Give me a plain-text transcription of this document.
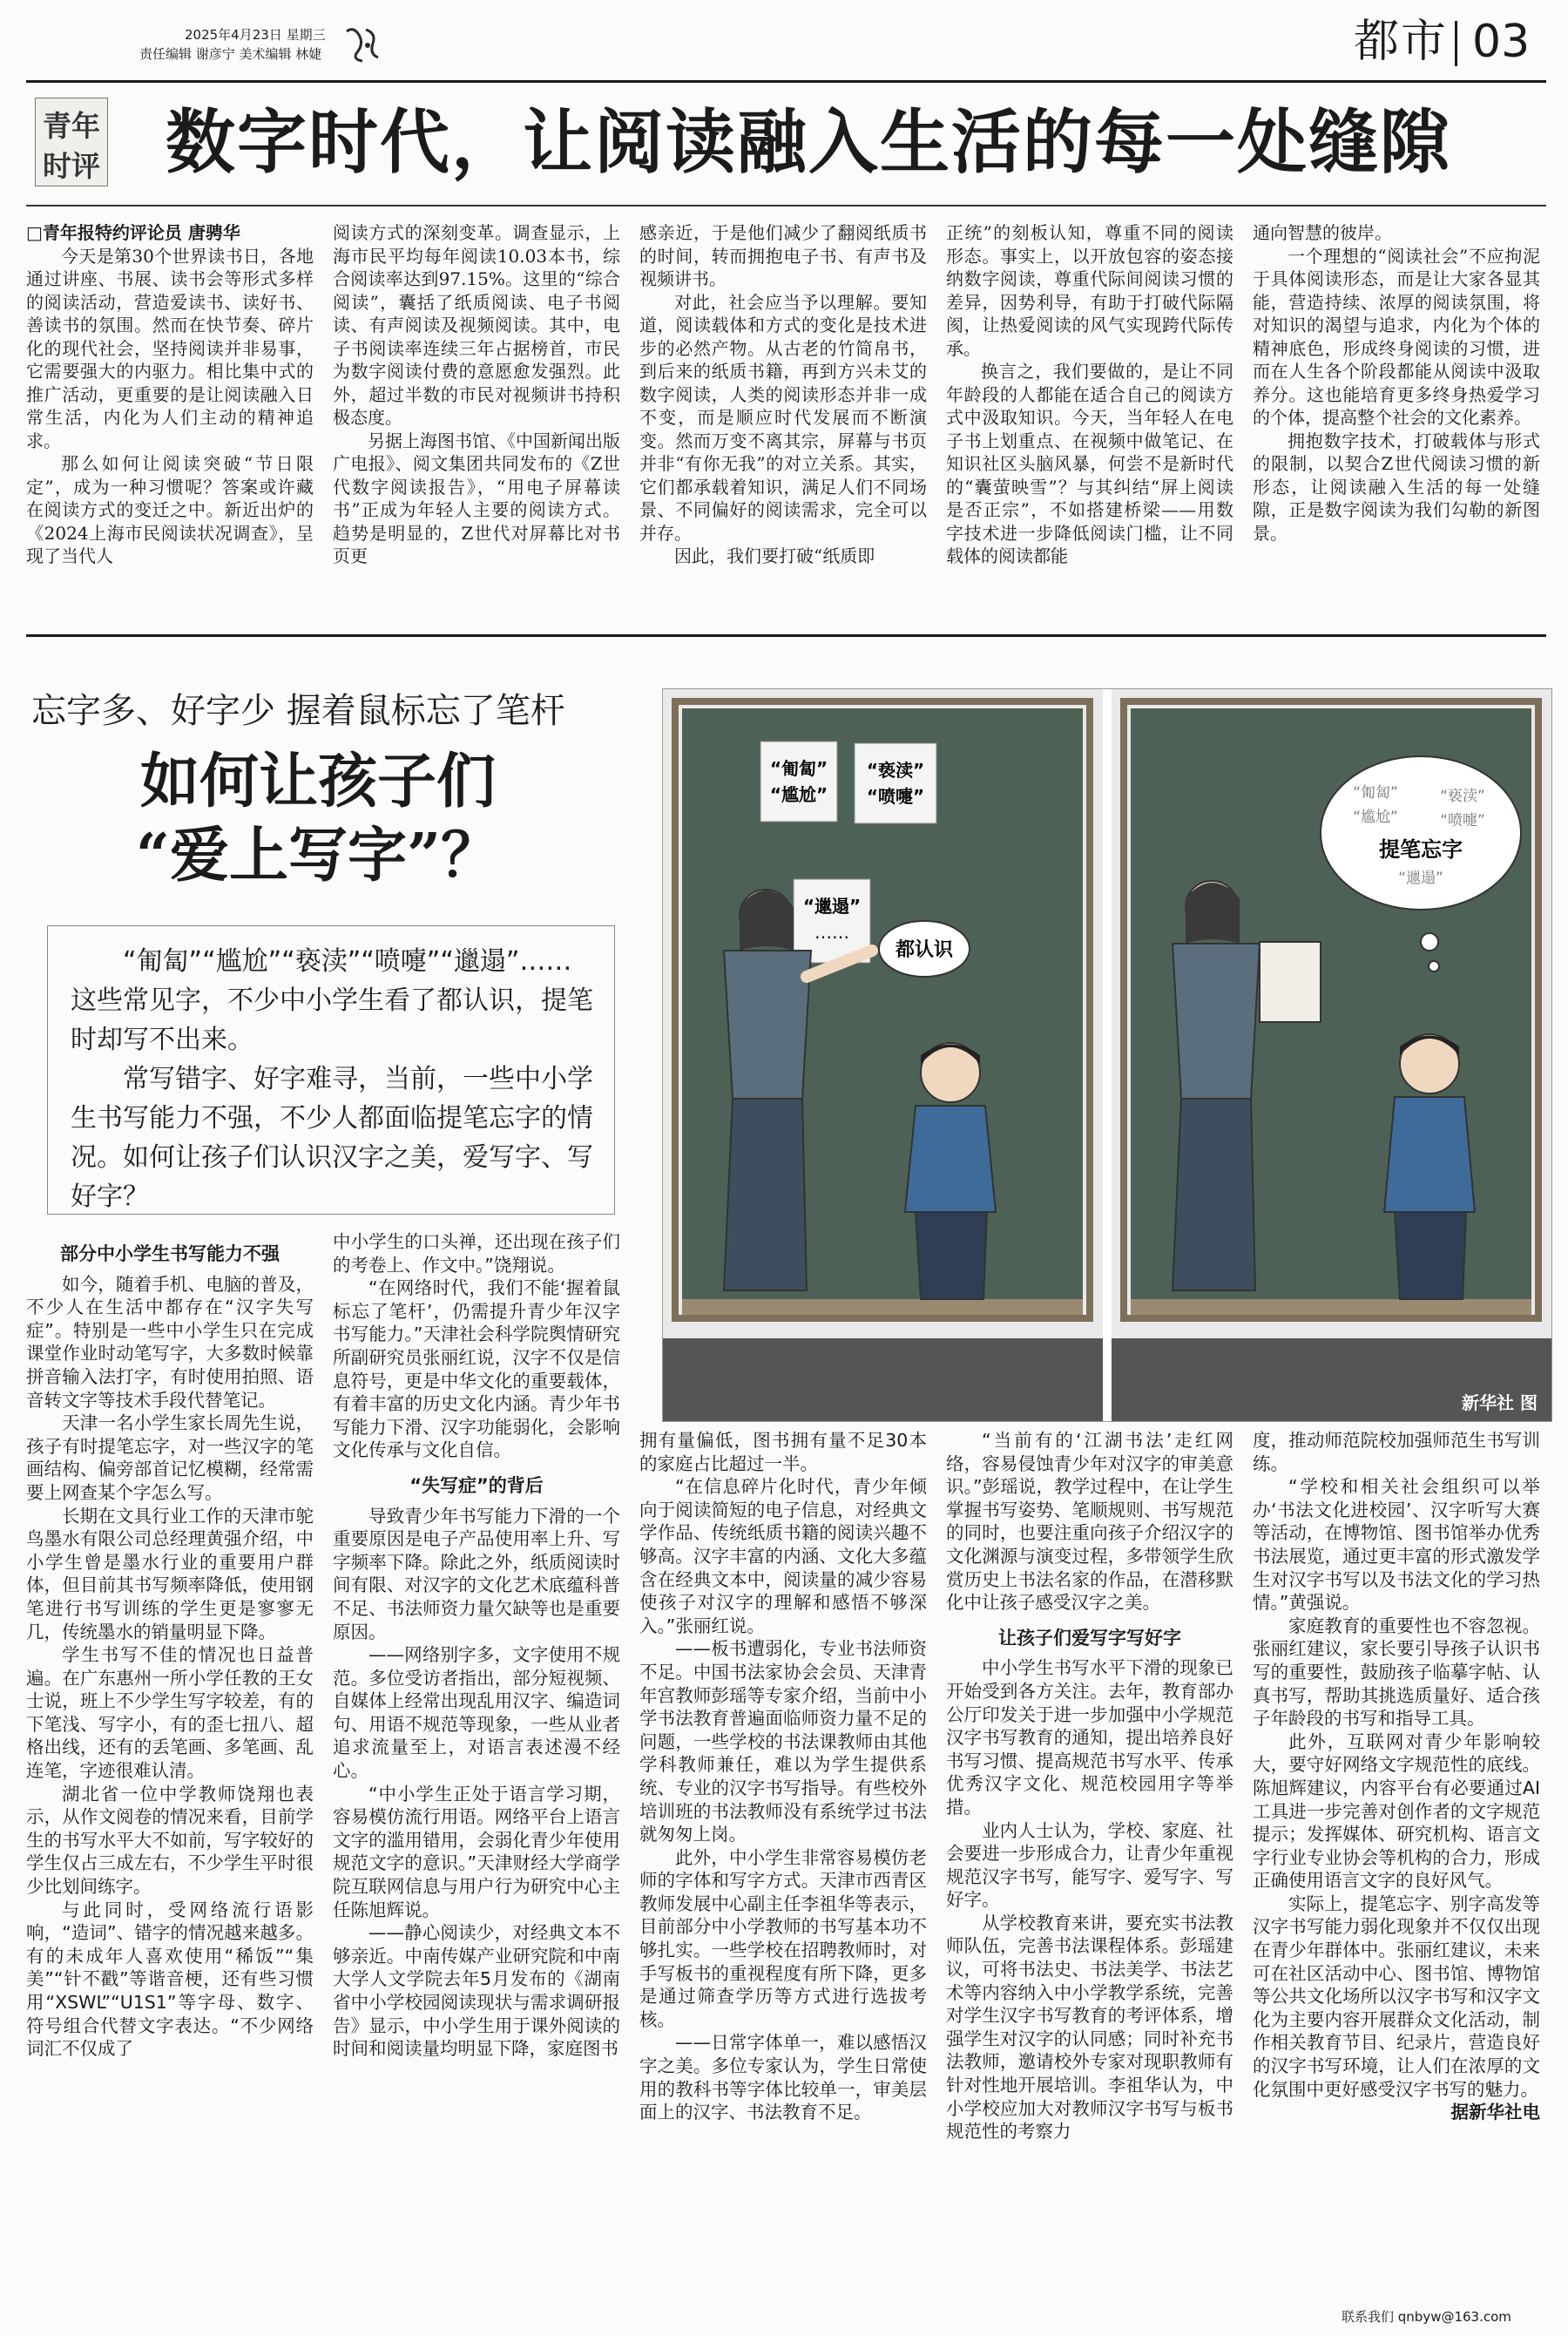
2025年4月23日 星期三
责任编辑 谢彦宁 美术编辑 林婕	都市 03
青年
时评 数字时代，让阅读融入生活的每一处缝隙

□青年报特约评论员 唐骋华

今天是第30个世界读书日，各地通过讲座、书展、读书会等形式多样的阅读活动，营造爱读书、读好书、善读书的氛围。然而在快节奏、碎片化的现代社会，坚持阅读并非易事，它需要强大的内驱力。相比集中式的推广活动，更重要的是让阅读融入日常生活，内化为人们主动的精神追求。

那么如何让阅读突破“节日限定”，成为一种习惯呢？答案或许藏在阅读方式的变迁之中。新近出炉的《2024上海市民阅读状况调查》，呈现了当代人

阅读方式的深刻变革。调查显示，上海市民平均每年阅读10.03本书，综合阅读率达到97.15%。这里的“综合阅读”，囊括了纸质阅读、电子书阅读、有声阅读及视频阅读。其中，电子书阅读率连续三年占据榜首，市民为数字阅读付费的意愿愈发强烈。此外，超过半数的市民对视频讲书持积极态度。

另据上海图书馆、《中国新闻出版广电报》、阅文集团共同发布的《Z世代数字阅读报告》，“用电子屏幕读书”正成为年轻人主要的阅读方式。趋势是明显的，Z世代对屏幕比对书页更

感亲近，于是他们减少了翻阅纸质书的时间，转而拥抱电子书、有声书及视频讲书。

对此，社会应当予以理解。要知道，阅读载体和方式的变化是技术进步的必然产物。从古老的竹简帛书，到后来的纸质书籍，再到方兴未艾的数字阅读，人类的阅读形态并非一成不变，而是顺应时代发展而不断演变。然而万变不离其宗，屏幕与书页并非“有你无我”的对立关系。其实，它们都承载着知识，满足人们不同场景、不同偏好的阅读需求，完全可以并存。

因此，我们要打破“纸质即

正统”的刻板认知，尊重不同的阅读形态。事实上，以开放包容的姿态接纳数字阅读，尊重代际间阅读习惯的差异，因势利导，有助于打破代际隔阂，让热爱阅读的风气实现跨代际传承。

换言之，我们要做的，是让不同年龄段的人都能在适合自己的阅读方式中汲取知识。今天，当年轻人在电子书上划重点、在视频中做笔记、在知识社区头脑风暴，何尝不是新时代的“囊萤映雪”？与其纠结“屏上阅读是否正宗”，不如搭建桥梁——用数字技术进一步降低阅读门槛，让不同载体的阅读都能

通向智慧的彼岸。

一个理想的“阅读社会”不应拘泥于具体阅读形态，而是让大家各显其能，营造持续、浓厚的阅读氛围，将对知识的渴望与追求，内化为个体的精神底色，形成终身阅读的习惯，进而在人生各个阶段都能从阅读中汲取养分。这也能培育更多终身热爱学习的个体，提高整个社会的文化素养。

拥抱数字技术，打破载体与形式的限制，以契合Z世代阅读习惯的新形态，让阅读融入生活的每一处缝隙，正是数字阅读为我们勾勒的新图景。

忘字多、好字少 握着鼠标忘了笔杆
如何让孩子们
“爱上写字”？

“匍匐”“尴尬”“亵渎”“喷嚏”“邋遢”……这些常见字，不少中小学生看了都认识，提笔时却写不出来。

常写错字、好字难寻，当前，一些中小学生书写能力不强，不少人都面临提笔忘字的情况。如何让孩子们认识汉字之美，爱写字、写好字？

“匍匐”
“尴尬”
“亵渎”
“喷嚏”
“邋遢”
……
都认识
“匍匐”	“亵渎”
“尴尬”	“喷嚏”
“邋遢”
提笔忘字
新华社 图
部分中小学生书写能力不强

如今，随着手机、电脑的普及，不少人在生活中都存在“汉字失写症”。特别是一些中小学生只在完成课堂作业时动笔写字，大多数时候靠拼音输入法打字，有时使用拍照、语音转文字等技术手段代替笔记。

天津一名小学生家长周先生说，孩子有时提笔忘字，对一些汉字的笔画结构、偏旁部首记忆模糊，经常需要上网查某个字怎么写。

长期在文具行业工作的天津市鸵鸟墨水有限公司总经理黄强介绍，中小学生曾是墨水行业的重要用户群体，但目前其书写频率降低，使用钢笔进行书写训练的学生更是寥寥无几，传统墨水的销量明显下降。

学生书写不佳的情况也日益普遍。在广东惠州一所小学任教的王女士说，班上不少学生写字较差，有的下笔浅、写字小，有的歪七扭八、超格出线，还有的丢笔画、多笔画、乱连笔，字迹很难认清。

湖北省一位中学教师饶翔也表示，从作文阅卷的情况来看，目前学生的书写水平大不如前，写字较好的学生仅占三成左右，不少学生平时很少比划间练字。

与此同时，受网络流行语影响，“造词”、错字的情况越来越多。有的未成年人喜欢使用“稀饭”“集美”“针不戳”等谐音梗，还有些习惯用“XSWL”“U1S1”等字母、数字、符号组合代替文字表达。“不少网络词汇不仅成了

中小学生的口头禅，还出现在孩子们的考卷上、作文中。”饶翔说。

“在网络时代，我们不能‘握着鼠标忘了笔杆’，仍需提升青少年汉字书写能力。”天津社会科学院舆情研究所副研究员张丽红说，汉字不仅是信息符号，更是中华文化的重要载体，有着丰富的历史文化内涵。青少年书写能力下滑、汉字功能弱化，会影响文化传承与文化自信。

“失写症”的背后

导致青少年书写能力下滑的一个重要原因是电子产品使用率上升、写字频率下降。除此之外，纸质阅读时间有限、对汉字的文化艺术底蕴科普不足、书法师资力量欠缺等也是重要原因。

——网络别字多，文字使用不规范。多位受访者指出，部分短视频、自媒体上经常出现乱用汉字、编造词句、用语不规范等现象，一些从业者追求流量至上，对语言表述漫不经心。

“中小学生正处于语言学习期，容易模仿流行用语。网络平台上语言文字的滥用错用，会弱化青少年使用规范文字的意识。”天津财经大学商学院互联网信息与用户行为研究中心主任陈旭辉说。

——静心阅读少，对经典文本不够亲近。中南传媒产业研究院和中南大学人文学院去年5月发布的《湖南省中小学校园阅读现状与需求调研报告》显示，中小学生用于课外阅读的时间和阅读量均明显下降，家庭图书

拥有量偏低，图书拥有量不足30本的家庭占比超过一半。

“在信息碎片化时代，青少年倾向于阅读简短的电子信息，对经典文学作品、传统纸质书籍的阅读兴趣不够高。汉字丰富的内涵、文化大多蕴含在经典文本中，阅读量的减少容易使孩子对汉字的理解和感悟不够深入。”张丽红说。

——板书遭弱化，专业书法师资不足。中国书法家协会会员、天津青年宫教师彭瑶等专家介绍，当前中小学书法教育普遍面临师资力量不足的问题，一些学校的书法课教师由其他学科教师兼任，难以为学生提供系统、专业的汉字书写指导。有些校外培训班的书法教师没有系统学过书法就匆匆上岗。

此外，中小学生非常容易模仿老师的字体和写字方式。天津市西青区教师发展中心副主任李祖华等表示，目前部分中小学教师的书写基本功不够扎实。一些学校在招聘教师时，对手写板书的重视程度有所下降，更多是通过筛查学历等方式进行选拔考核。

——日常字体单一，难以感悟汉字之美。多位专家认为，学生日常使用的教科书等字体比较单一，审美层面上的汉字、书法教育不足。

“当前有的‘江湖书法’走红网络，容易侵蚀青少年对汉字的审美意识。”彭瑶说，教学过程中，在让学生掌握书写姿势、笔顺规则、书写规范的同时，也要注重向孩子介绍汉字的文化渊源与演变过程，多带领学生欣赏历史上书法名家的作品，在潜移默化中让孩子感受汉字之美。

让孩子们爱写字写好字

中小学生书写水平下滑的现象已开始受到各方关注。去年，教育部办公厅印发关于进一步加强中小学规范汉字书写教育的通知，提出培养良好书写习惯、提高规范书写水平、传承优秀汉字文化、规范校园用字等举措。

业内人士认为，学校、家庭、社会要进一步形成合力，让青少年重视规范汉字书写，能写字、爱写字、写好字。

从学校教育来讲，要充实书法教师队伍，完善书法课程体系。彭瑶建议，可将书法史、书法美学、书法艺术等内容纳入中小学教学系统，完善对学生汉字书写教育的考评体系，增强学生对汉字的认同感；同时补充书法教师，邀请校外专家对现职教师有针对性地开展培训。李祖华认为，中小学校应加大对教师汉字书写与板书规范性的考察力

度，推动师范院校加强师范生书写训练。

“学校和相关社会组织可以举办‘书法文化进校园’、汉字听写大赛等活动，在博物馆、图书馆举办优秀书法展览，通过更丰富的形式激发学生对汉字书写以及书法文化的学习热情。”黄强说。

家庭教育的重要性也不容忽视。张丽红建议，家长要引导孩子认识书写的重要性，鼓励孩子临摹字帖、认真书写，帮助其挑选质量好、适合孩子年龄段的书写和指导工具。

此外，互联网对青少年影响较大，要守好网络文字规范性的底线。陈旭辉建议，内容平台有必要通过AI工具进一步完善对创作者的文字规范提示；发挥媒体、研究机构、语言文字行业专业协会等机构的合力，形成正确使用语言文字的良好风气。

实际上，提笔忘字、别字高发等汉字书写能力弱化现象并不仅仅出现在青少年群体中。张丽红建议，未来可在社区活动中心、图书馆、博物馆等公共文化场所以汉字书写和汉字文化为主要内容开展群众文化活动，制作相关教育节目、纪录片，营造良好的汉字书写环境，让人们在浓厚的文化氛围中更好感受汉字书写的魅力。

据新华社电

联系我们 qnbyw@163.com
